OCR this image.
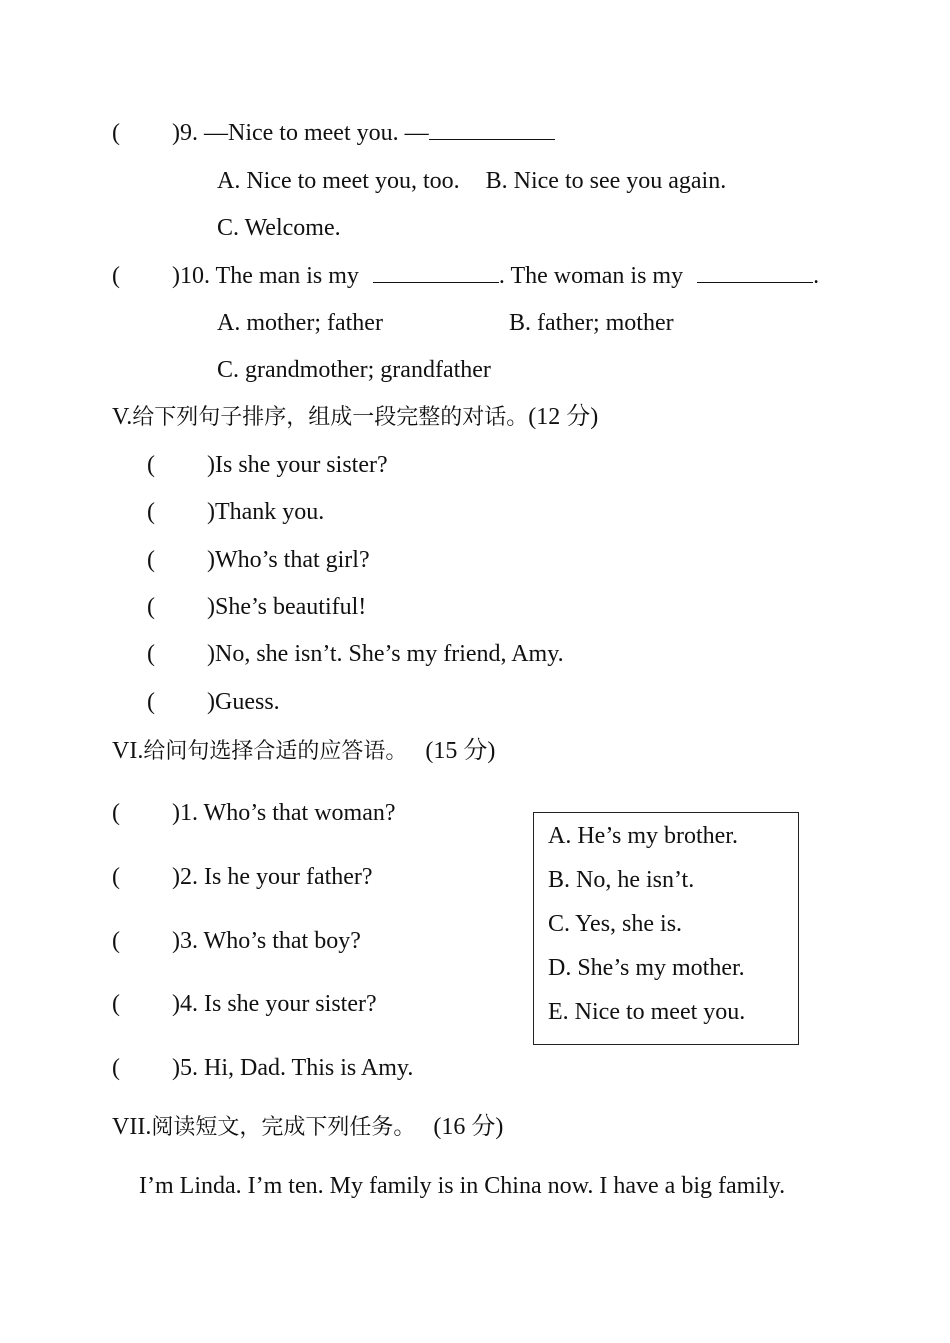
( )9. —Nice to meet you. —
A. Nice to meet you, too. B. Nice to see you again.
C. Welcome.
( )10. The man is my	. The woman is my	.
A. mother; father	B. father; mother
C. grandmother; grandfather
V.给下列句子排序，组成一段完整的对话。(12 分)
( )Is she your sister?
( )Thank you.
( )Who’s that girl?
( )She’s beautiful!
( )No, she isn’t. She’s my friend, Amy.
( )Guess.
VI.给问句选择合适的应答语。 (15 分)
( )1. Who’s that woman?
( )2. Is he your father?
( )3. Who’s that boy?
( )4. Is she your sister?
( )5. Hi, Dad. This is Amy.
A. He’s my brother.
B. No, he isn’t.
C. Yes, she is.
D. She’s my mother.
E. Nice to meet you.
VII.阅读短文，完成下列任务。 (16 分)
I’m Linda. I’m ten. My family is in China now. I have a big family.
